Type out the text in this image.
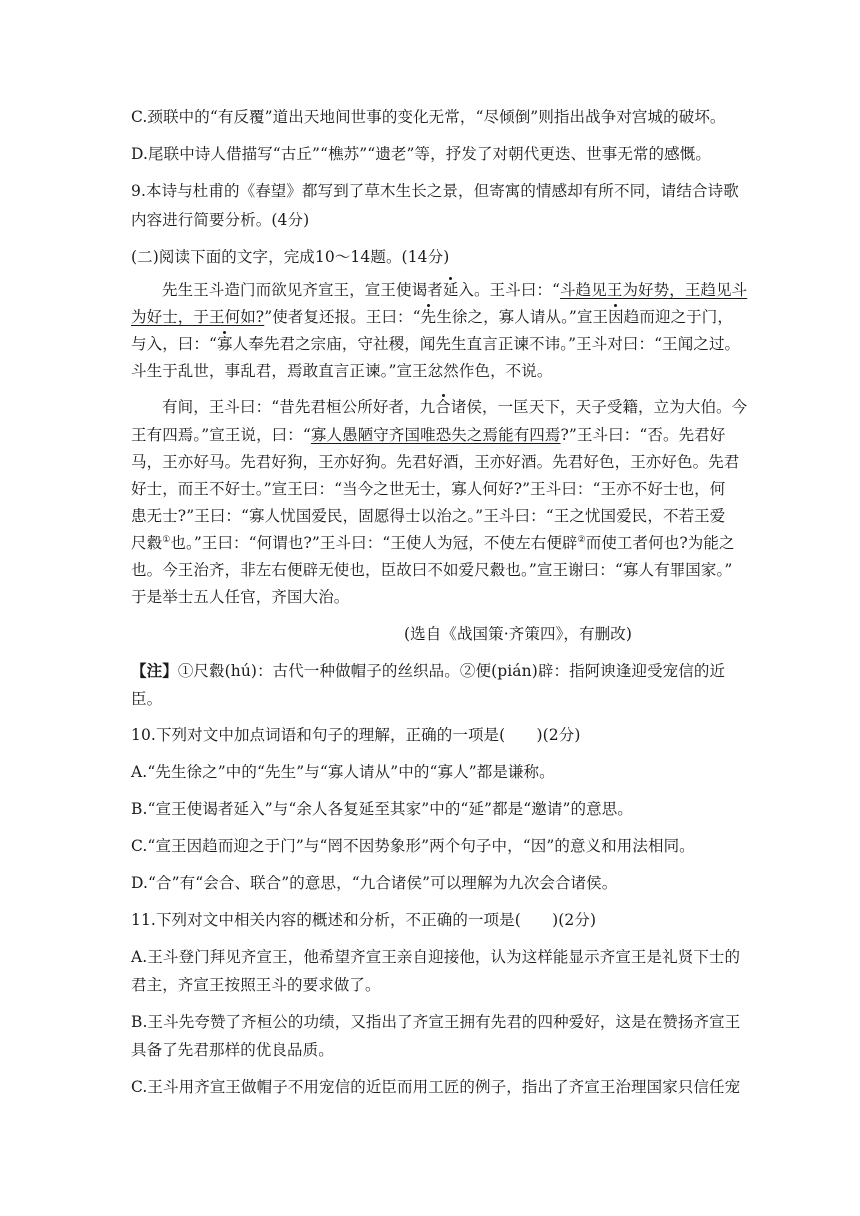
C.颈联中的“有反覆”道出天地间世事的变化无常，“尽倾倒”则指出战争对宫城的破坏。
D.尾联中诗人借描写“古丘”“樵苏”“遗老”等，抒发了对朝代更迭、世事无常的感慨。
9.本诗与杜甫的《春望》都写到了草木生长之景，但寄寓的情感却有所不同，请结合诗歌
内容进行简要分析。(4分)
(二)阅读下面的文字，完成10～14题。(14分)
先生王斗造门而欲见齐宣王，宣王使谒者延入。王斗曰：“斗趋见王为好势，王趋见斗
为好士，于王何如?”使者复还报。王曰：“先生徐之，寡人请从。”宣王因趋而迎之于门，
与入，曰：“寡人奉先君之宗庙，守社稷，闻先生直言正谏不讳。”王斗对曰：“王闻之过。
斗生于乱世，事乱君，焉敢直言正谏。”宣王忿然作色，不说。
有间，王斗曰：“昔先君桓公所好者，九合诸侯，一匡天下，天子受籍，立为大伯。今
王有四焉。”宣王说，曰：“寡人愚陋守齐国唯恐失之焉能有四焉?”王斗曰：“否。先君好
马，王亦好马。先君好狗，王亦好狗。先君好酒，王亦好酒。先君好色，王亦好色。先君
好士，而王不好士。”宣王曰：“当今之世无士，寡人何好?”王斗曰：“王亦不好士也，何
患无士?”王曰：“寡人忧国爱民，固愿得士以治之。”王斗曰：“王之忧国爱民，不若王爱
尺縠①也。”王曰：“何谓也?”王斗曰：“王使人为冠，不使左右便辟②而使工者何也?为能之
也。今王治齐，非左右便辟无使也，臣故曰不如爱尺縠也。”宣王谢曰：“寡人有罪国家。”
于是举士五人任官，齐国大治。
(选自《战国策·齐策四》，有删改)
【注】①尺縠(hú)：古代一种做帽子的丝织品。②便(pián)辟：指阿谀逢迎受宠信的近
臣。
10.下列对文中加点词语和句子的理解，正确的一项是(　　)(2分)
A.“先生徐之”中的“先生”与“寡人请从”中的“寡人”都是谦称。
B.“宣王使谒者延入”与“余人各复延至其家”中的“延”都是“邀请”的意思。
C.“宣王因趋而迎之于门”与“罔不因势象形”两个句子中，“因”的意义和用法相同。
D.“合”有“会合、联合”的意思，“九合诸侯”可以理解为九次会合诸侯。
11.下列对文中相关内容的概述和分析，不正确的一项是(　　)(2分)
A.王斗登门拜见齐宣王，他希望齐宣王亲自迎接他，认为这样能显示齐宣王是礼贤下士的
君主，齐宣王按照王斗的要求做了。
B.王斗先夸赞了齐桓公的功绩，又指出了齐宣王拥有先君的四种爱好，这是在赞扬齐宣王
具备了先君那样的优良品质。
C.王斗用齐宣王做帽子不用宠信的近臣而用工匠的例子，指出了齐宣王治理国家只信任宠
